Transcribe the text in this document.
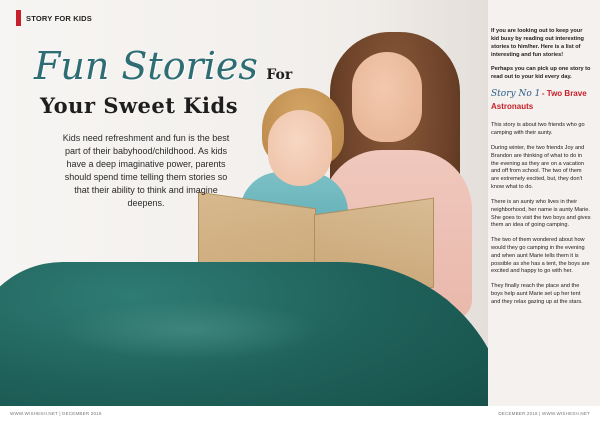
STORY FOR KIDS
Fun Stories For
Your Sweet Kids
Kids need refreshment and fun is the best part of their babyhood/childhood. As kids have a deep imaginative power, parents should spend time telling them stories so that their ability to think and imagine deepens.

If you are looking out to keep your kid busy by reading out interesting stories to him/her. Here is a list of interesting and fun stories!

Perhaps you can pick up one story to read out to your kid every day.

Story No 1 - Two Brave Astronauts

This story is about two friends who go camping with their aunty.

During winter, the two friends Joy and Brandon are thinking of what to do in the evening as they are on a vacation and off from school. The two of them are extremely excited, but, they don't know what to do.

There is an aunty who lives in their neighborhood, her name is aunty Marie. She goes to visit the two boys and gives them an idea of going camping.

The two of them wondered about how would they go camping in the evening and when aunt Marie tells them it is possible as she has a tent, the boys are excited and happy to go with her.

They finally reach the place and the boys help aunt Marie set up her tent and they relax gazing up at the stars.

WWW.WISHESH.NET | DECEMBER 2018	DECEMBER 2018 | WWW.WISHESH.NET
